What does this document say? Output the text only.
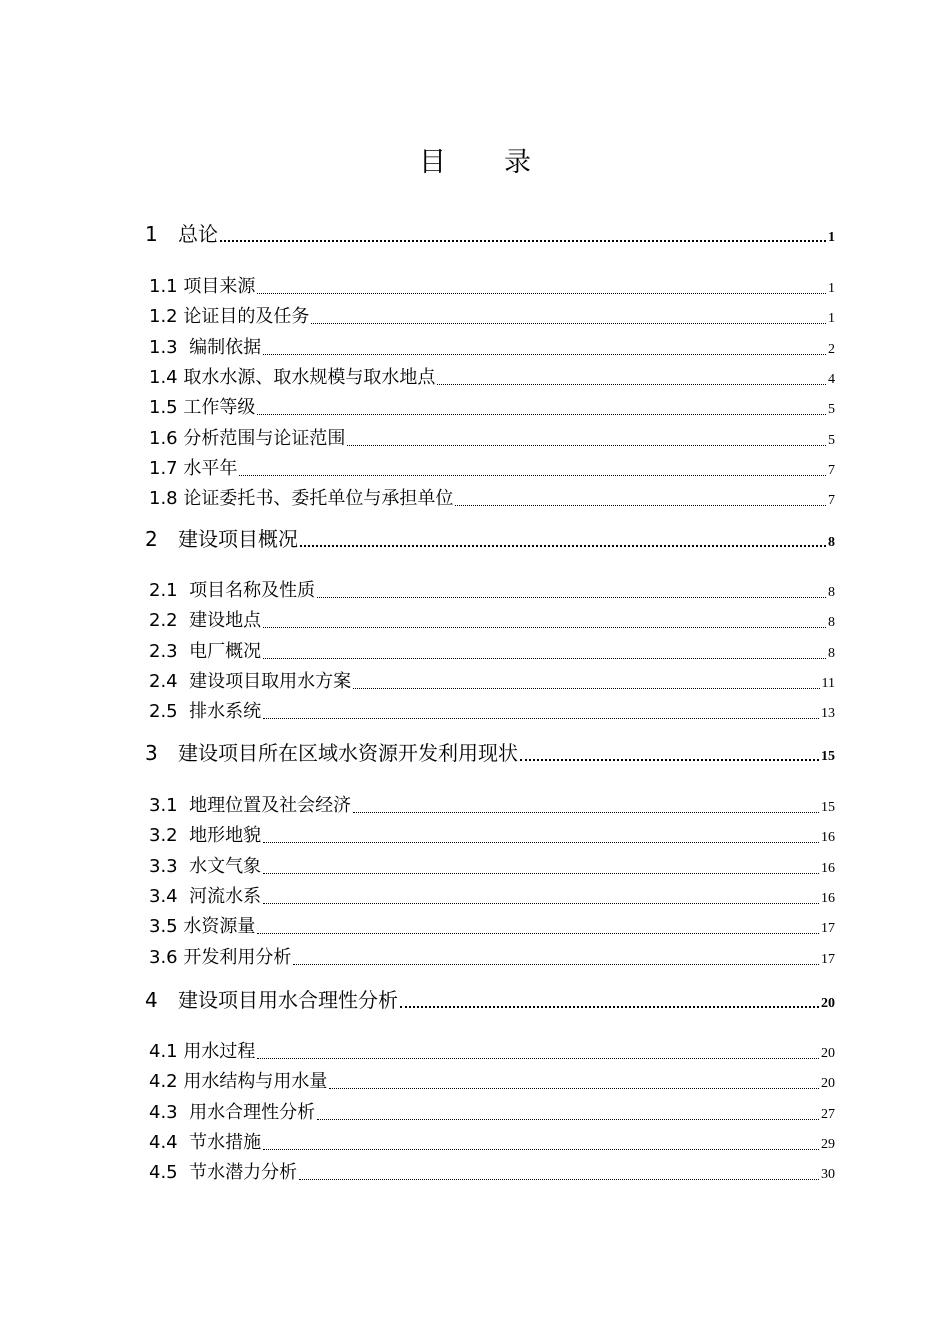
目 录
1 总论	1
1.1 项目来源	1
1.2 论证目的及任务	1
1.3  编制依据	2
1.4 取水水源、取水规模与取水地点	4
1.5 工作等级	5
1.6 分析范围与论证范围	5
1.7 水平年	7
1.8 论证委托书、委托单位与承担单位	7
2 建设项目概况	8
2.1  项目名称及性质	8
2.2  建设地点	8
2.3  电厂概况	8
2.4  建设项目取用水方案	11
2.5  排水系统	13
3 建设项目所在区域水资源开发利用现状	15
3.1  地理位置及社会经济	15
3.2  地形地貌	16
3.3  水文气象	16
3.4  河流水系	16
3.5 水资源量	17
3.6 开发利用分析	17
4 建设项目用水合理性分析	20
4.1 用水过程	20
4.2 用水结构与用水量	20
4.3  用水合理性分析	27
4.4  节水措施	29
4.5  节水潜力分析	30
